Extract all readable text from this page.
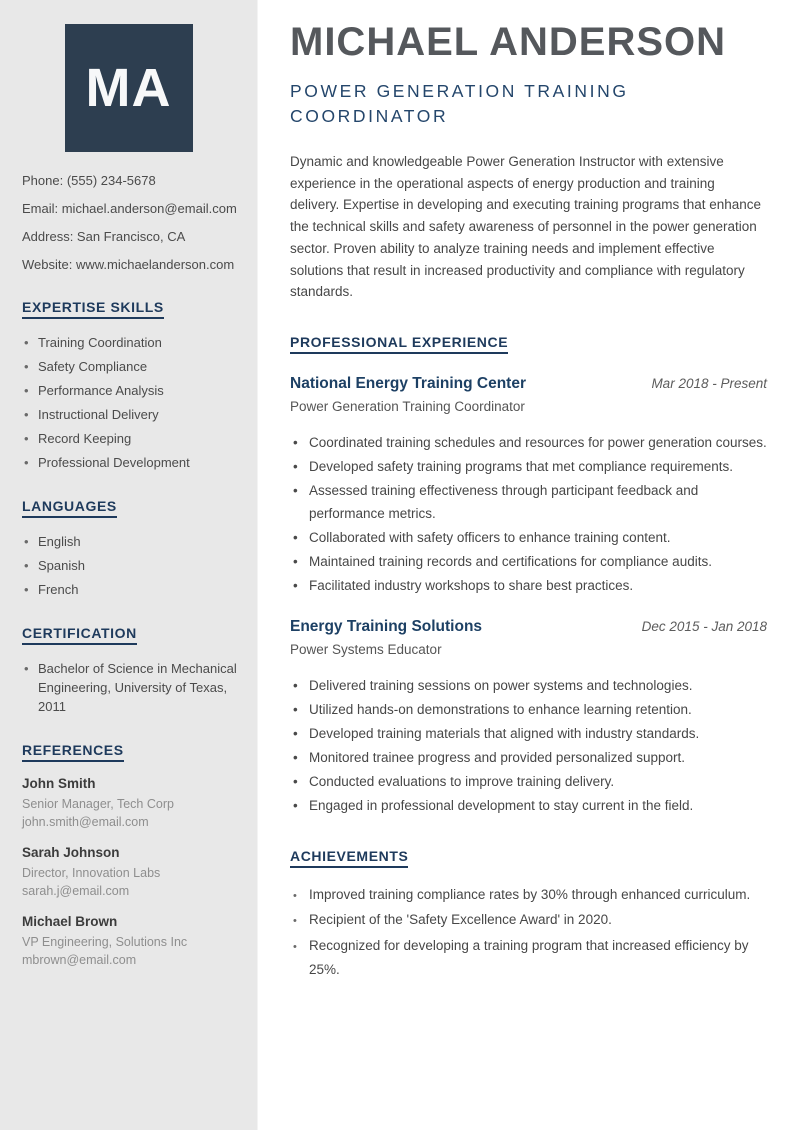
MA
Phone: (555) 234-5678
Email: michael.anderson@email.com
Address: San Francisco, CA
Website: www.michaelanderson.com
EXPERTISE SKILLS
• Training Coordination
• Safety Compliance
• Performance Analysis
• Instructional Delivery
• Record Keeping
• Professional Development
LANGUAGES
• English
• Spanish
• French
CERTIFICATION
• Bachelor of Science in Mechanical Engineering, University of Texas, 2011
REFERENCES
John Smith
Senior Manager, Tech Corp
john.smith@email.com
Sarah Johnson
Director, Innovation Labs
sarah.j@email.com
Michael Brown
VP Engineering, Solutions Inc
mbrown@email.com
MICHAEL ANDERSON
POWER GENERATION TRAINING COORDINATOR

Dynamic and knowledgeable Power Generation Instructor with extensive experience in the operational aspects of energy production and training delivery. Expertise in developing and executing training programs that enhance the technical skills and safety awareness of personnel in the power generation sector. Proven ability to analyze training needs and implement effective solutions that result in increased productivity and compliance with regulatory standards.

PROFESSIONAL EXPERIENCE
National Energy Training Center	Mar 2018 - Present
Power Generation Training Coordinator
• Coordinated training schedules and resources for power generation courses.
• Developed safety training programs that met compliance requirements.
• Assessed training effectiveness through participant feedback and performance metrics.
• Collaborated with safety officers to enhance training content.
• Maintained training records and certifications for compliance audits.
• Facilitated industry workshops to share best practices.
Energy Training Solutions	Dec 2015 - Jan 2018
Power Systems Educator
• Delivered training sessions on power systems and technologies.
• Utilized hands-on demonstrations to enhance learning retention.
• Developed training materials that aligned with industry standards.
• Monitored trainee progress and provided personalized support.
• Conducted evaluations to improve training delivery.
• Engaged in professional development to stay current in the field.
ACHIEVEMENTS
• Improved training compliance rates by 30% through enhanced curriculum.
• Recipient of the 'Safety Excellence Award' in 2020.
• Recognized for developing a training program that increased efficiency by 25%.
